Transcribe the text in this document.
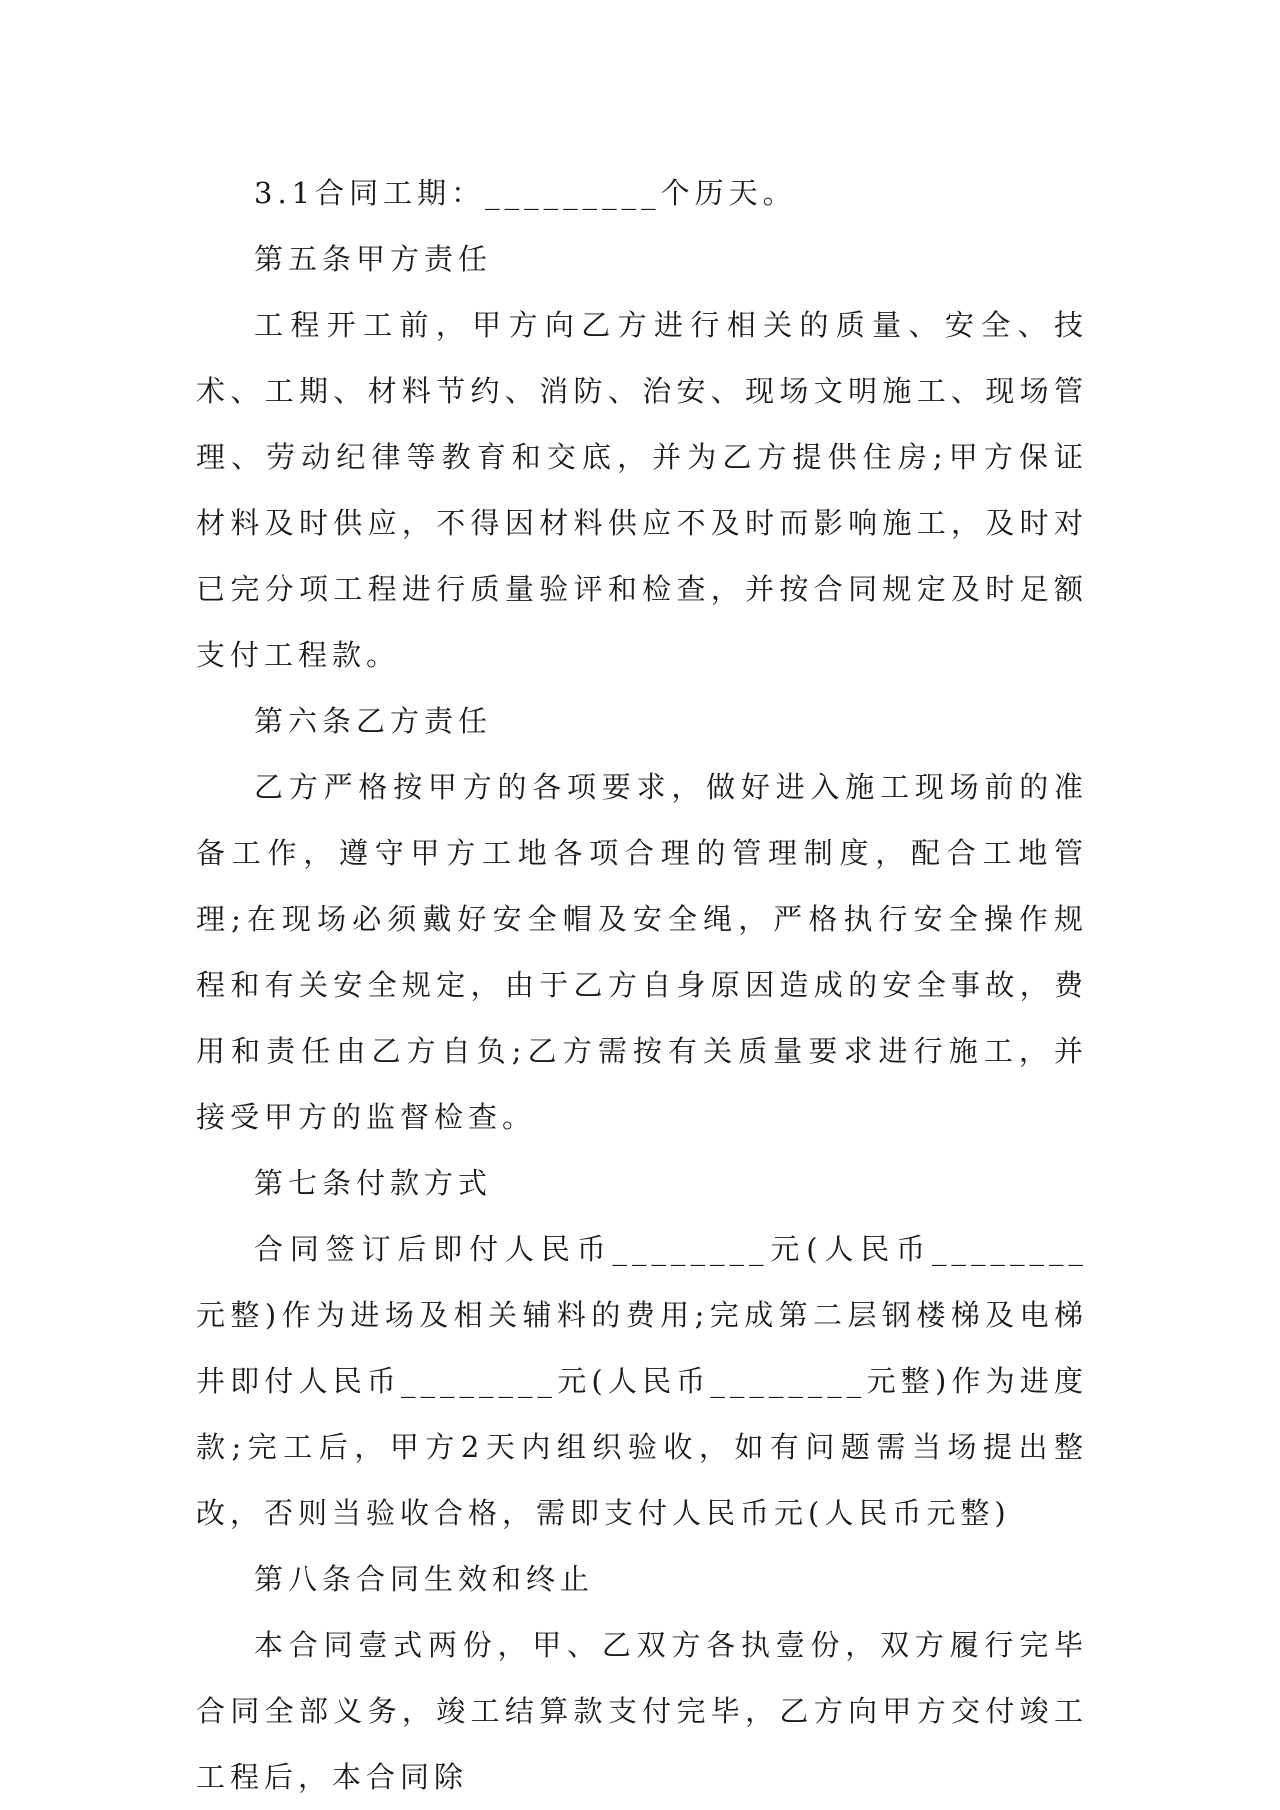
3.1合同工期：_________个历天。

第五条甲方责任

工程开工前，甲方向乙方进行相关的质量、安全、技术、工期、材料节约、消防、治安、现场文明施工、现场管理、劳动纪律等教育和交底，并为乙方提供住房;甲方保证材料及时供应，不得因材料供应不及时而影响施工，及时对已完分项工程进行质量验评和检查，并按合同规定及时足额支付工程款。

第六条乙方责任

乙方严格按甲方的各项要求，做好进入施工现场前的准备工作，遵守甲方工地各项合理的管理制度，配合工地管理;在现场必须戴好安全帽及安全绳，严格执行安全操作规程和有关安全规定，由于乙方自身原因造成的安全事故，费用和责任由乙方自负;乙方需按有关质量要求进行施工，并接受甲方的监督检查。

第七条付款方式

合同签订后即付人民币________元(人民币________元整)作为进场及相关辅料的费用;完成第二层钢楼梯及电梯井即付人民币________元(人民币________元整)作为进度款;完工后，甲方2天内组织验收，如有问题需当场提出整改，否则当验收合格，需即支付人民币元(人民币元整)

第八条合同生效和终止

本合同壹式两份，甲、乙双方各执壹份，双方履行完毕合同全部义务，竣工结算款支付完毕，乙方向甲方交付竣工工程后，本合同除
